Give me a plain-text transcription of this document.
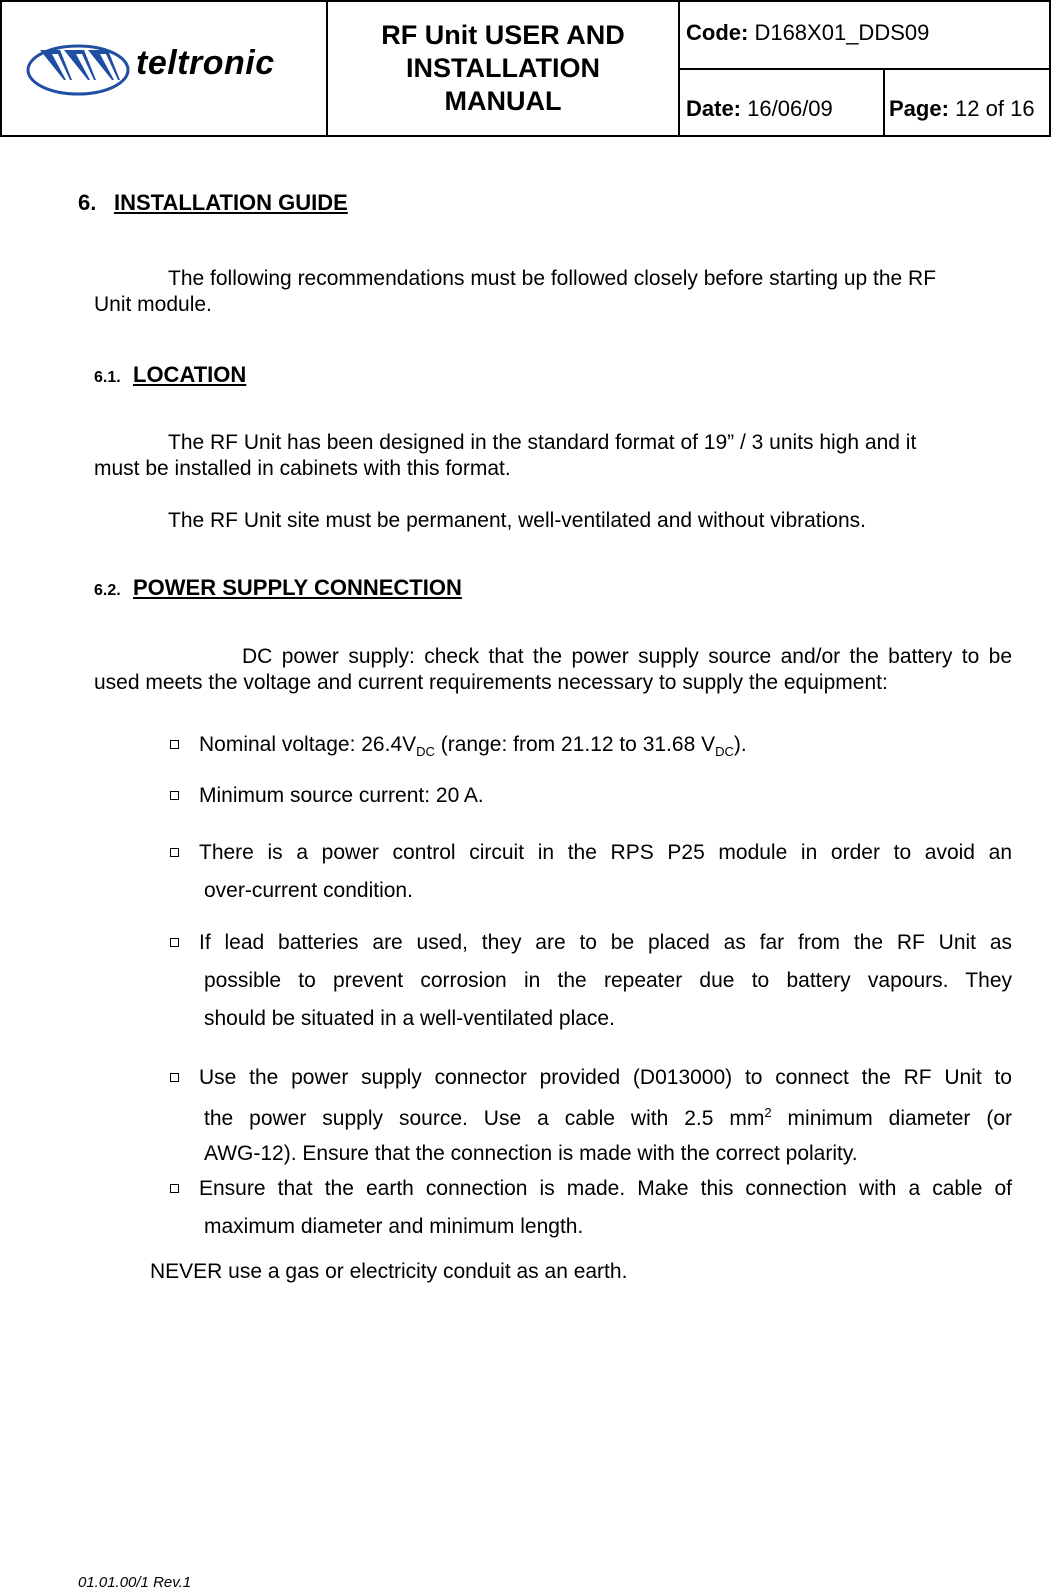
teltronic
RF Unit USER AND INSTALLATION MANUAL
Code: D168X01_DDS09
Date: 16/06/09	Page: 12 of 16
6. INSTALLATION GUIDE
The following recommendations must be followed closely before starting up the RF
Unit module.
6.1. LOCATION
The RF Unit has been designed in the standard format of 19” / 3 units high and it
must be installed in cabinets with this format.
The RF Unit site must be permanent, well-ventilated and without vibrations.
6.2. POWER SUPPLY CONNECTION
DC power supply: check that the power supply source and/or the battery to be
used meets the voltage and current requirements necessary to supply the equipment:
Nominal voltage: $26.4V_{DC}$ (range: from 21.12 to 31.68 $V_{DC}$).
Minimum source current: 20 A.
There is a power control circuit in the RPS P25 module in order to avoid an
over-current condition.
If lead batteries are used, they are to be placed as far from the RF Unit as
possible to prevent corrosion in the repeater due to battery vapours. They
should be situated in a well-ventilated place.
Use the power supply connector provided (D013000) to connect the RF Unit to
the power supply source. Use a cable with 2.5 $mm^2$ minimum diameter (or
AWG-12). Ensure that the connection is made with the correct polarity.
Ensure that the earth connection is made. Make this connection with a cable of
maximum diameter and minimum length.
NEVER use a gas or electricity conduit as an earth.
01.01.00/1 Rev.1
